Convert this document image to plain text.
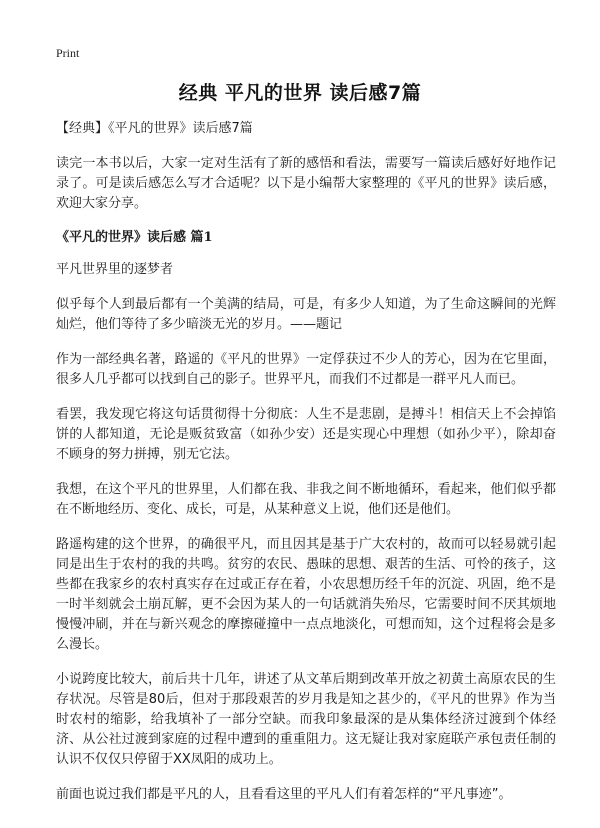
Print
经典 平凡的世界 读后感7篇
【经典】《平凡的世界》读后感7篇

读完一本书以后，大家一定对生活有了新的感悟和看法，需要写一篇读后感好好地作记录了。可是读后感怎么写才合适呢？以下是小编帮大家整理的《平凡的世界》读后感，欢迎大家分享。

《平凡的世界》读后感 篇1
平凡世界里的逐梦者

似乎每个人到最后都有一个美满的结局，可是，有多少人知道，为了生命这瞬间的光辉灿烂，他们等待了多少暗淡无光的岁月。——题记

作为一部经典名著，路遥的《平凡的世界》一定俘获过不少人的芳心，因为在它里面，很多人几乎都可以找到自己的影子。世界平凡，而我们不过都是一群平凡人而已。

看罢，我发现它将这句话贯彻得十分彻底：人生不是悲剧，是搏斗！相信天上不会掉馅饼的人都知道，无论是贩贫致富（如孙少安）还是实现心中理想（如孙少平），除却奋不顾身的努力拼搏，别无它法。

我想，在这个平凡的世界里，人们都在我、非我之间不断地循环，看起来，他们似乎都在不断地经历、变化、成长，可是，从某种意义上说，他们还是他们。

路遥构建的这个世界，的确很平凡，而且因其是基于广大农村的，故而可以轻易就引起同是出生于农村的我的共鸣。贫穷的农民、愚昧的思想、艰苦的生活、可怜的孩子，这些都在我家乡的农村真实存在过或正存在着，小农思想历经千年的沉淀、巩固，绝不是一时半刻就会土崩瓦解，更不会因为某人的一句话就消失殆尽，它需要时间不厌其烦地慢慢冲刷，并在与新兴观念的摩擦碰撞中一点点地淡化，可想而知，这个过程将会是多么漫长。

小说跨度比较大，前后共十几年，讲述了从文革后期到改革开放之初黄土高原农民的生存状况。尽管是80后，但对于那段艰苦的岁月我是知之甚少的，《平凡的世界》作为当时农村的缩影，给我填补了一部分空缺。而我印象最深的是从集体经济过渡到个体经济、从公社过渡到家庭的过程中遭到的重重阻力。这无疑让我对家庭联产承包责任制的认识不仅仅只停留于XX凤阳的成功上。

前面也说过我们都是平凡的人，且看看这里的平凡人们有着怎样的“平凡事迹”。
